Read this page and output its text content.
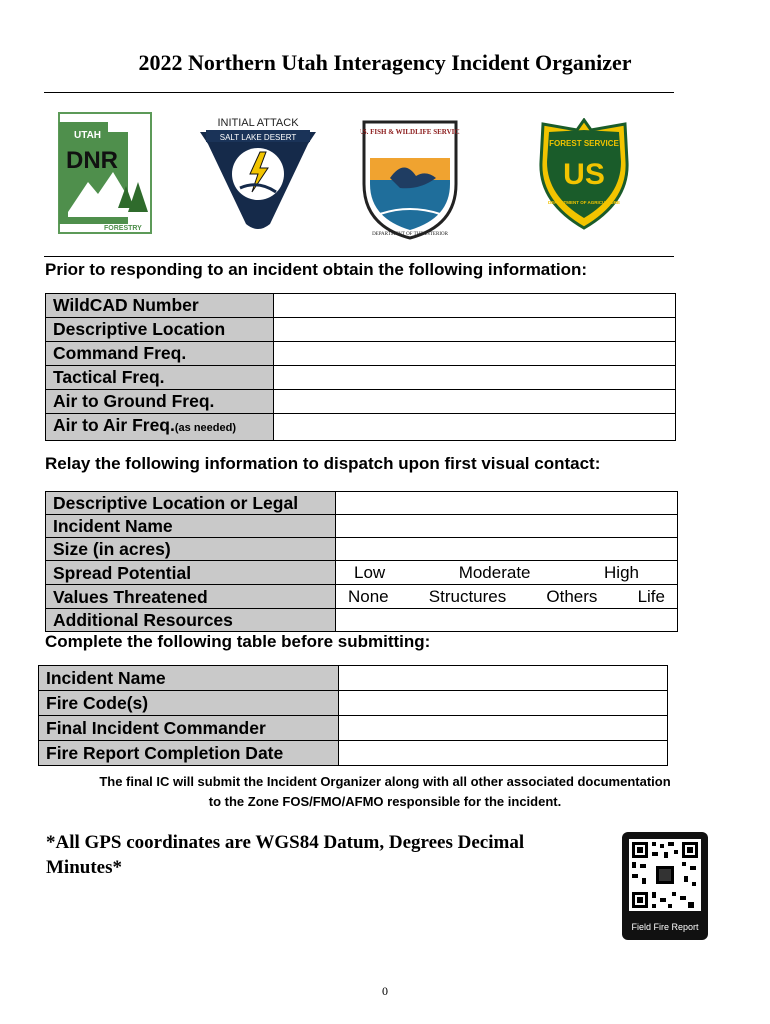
2022 Northern Utah Interagency Incident Organizer
UTAH
DNR
FORESTRY
INITIAL ATTACK
SALT LAKE DESERT
U.S. FISH & WILDLIFE SERVICE
DEPARTMENT OF THE INTERIOR
FOREST SERVICE
US
DEPARTMENT OF AGRICULTURE
Prior to responding to an incident obtain the following information:
WildCAD Number	
Descriptive Location	
Command Freq.	
Tactical Freq.	
Air to Ground Freq.	
Air to Air Freq.(as needed)	
Relay the following information to dispatch upon first visual contact:
Descriptive Location or Legal	
Incident Name	
Size (in acres)	
Spread Potential	Low Moderate High

Values Threatened	None Structures Others Life

Additional Resources	
Complete the following table before submitting:
Incident Name	
Fire Code(s)	
Final Incident Commander	
Fire Report Completion Date	
The final IC will submit the Incident Organizer along with all other associated documentation
to the Zone FOS/FMO/AFMO responsible for the incident.
*All GPS coordinates are WGS84 Datum, Degrees Decimal
Minutes*
Field Fire Report
0
